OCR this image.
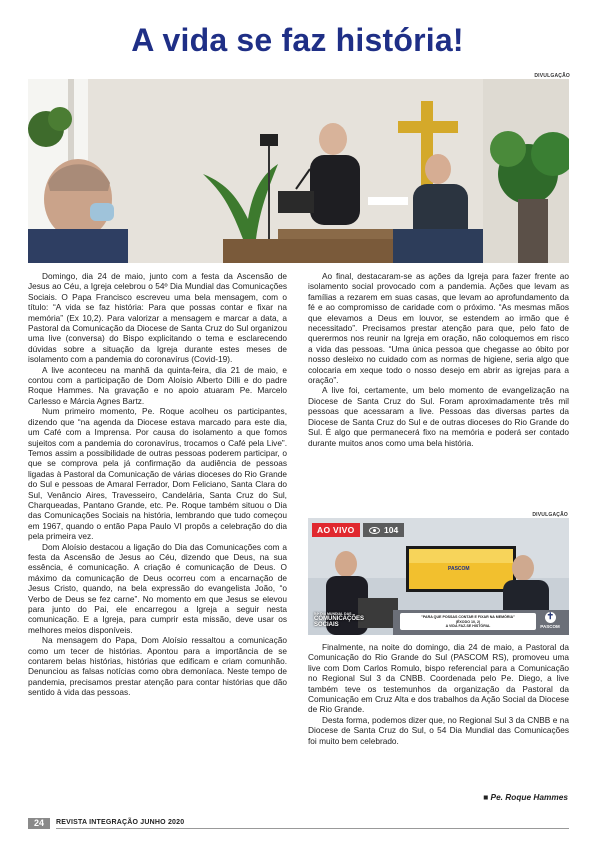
A vida se faz história!
DIVULGAÇÃO

Domingo, dia 24 de maio, junto com a festa da Ascensão de Jesus ao Céu, a Igreja celebrou o 54º Dia Mundial das Comunicações Sociais. O Papa Francisco escreveu uma bela mensagem, com o título: “A vida se faz história: Para que possas contar e fixar na memória” (Ex 10,2). Para valorizar a mensagem e marcar a data, a Pastoral da Comunicação da Diocese de Santa Cruz do Sul organizou uma live (conversa) do Bispo explicitando o tema e esclarecendo dúvidas sobre a situação da Igreja durante estes meses de isolamento com a pandemia do coronavírus (Covid-19).

A live aconteceu na manhã da quinta-feira, dia 21 de maio, e contou com a participação de Dom Aloísio Alberto Dilli e do padre Roque Hammes. Na gravação e no apoio atuaram Pe. Marcelo Carlesso e Márcia Agnes Bartz.

Num primeiro momento, Pe. Roque acolheu os participantes, dizendo que “na agenda da Diocese estava marcado para este dia, um Café com a Imprensa. Por causa do isolamento a que fomos sujeitos com a pandemia do coronavírus, trocamos o Café pela Live”. Temos assim a possibilidade de outras pessoas poderem participar, o que se comprova pela já confirmação da audiência de pessoas ligadas à Pastoral da Comunicação de várias dioceses do Rio Grande do Sul e pessoas de Amaral Ferrador, Dom Feliciano, Santa Clara do Sul, Venâncio Aires, Travesseiro, Candelária, Santa Cruz do Sul, Charqueadas, Pantano Grande, etc. Pe. Roque também situou o Dia das Comunicações Sociais na história, lembrando que tudo começou em 1967, quando o então Papa Paulo VI propôs a celebração do dia pela primeira vez.

Dom Aloísio destacou a ligação do Dia das Comunicações com a festa da Ascensão de Jesus ao Céu, dizendo que Deus, na sua essência, é comunicação. A criação é comunicação de Deus. O máximo da comunicação de Deus ocorreu com a encarnação de Jesus Cristo, quando, na bela expressão do evangelista João, “o Verbo de Deus se fez carne”. No momento em que Jesus se elevou para junto do Pai, ele encarregou a Igreja a seguir nesta comunicação. E a Igreja, para cumprir esta missão, deve usar os melhores meios disponíveis.

Na mensagem do Papa, Dom Aloísio ressaltou a comunicação como um tecer de histórias. Apontou para a importância de se contarem belas histórias, histórias que edificam e criam comunhão. Denunciou as falsas notícias como obra demoníaca. Neste tempo de pandemia, precisamos prestar atenção para contar histórias que dão sentido à vida das pessoas.

Ao final, destacaram-se as ações da Igreja para fazer frente ao isolamento social provocado com a pandemia. Ações que levam as famílias a rezarem em suas casas, que levam ao aprofundamento da fé e ao compromisso de caridade com o próximo. “As mesmas mãos que elevamos a Deus em louvor, se estendem ao irmão que é necessitado”. Precisamos prestar atenção para que, pelo fato de querermos nos reunir na Igreja em oração, não coloquemos em risco a vida das pessoas. “Uma única pessoa que chegasse ao óbito por nosso desleixo no cuidado com as normas de higiene, seria algo que colocaria em xeque todo o nosso desejo em abrir as igrejas para a oração”.

A live foi, certamente, um belo momento de evangelização na Diocese de Santa Cruz do Sul. Foram aproximadamente três mil pessoas que acessaram a live. Pessoas das diversas partes da Diocese de Santa Cruz do Sul e de outras dioceses do Rio Grande do Sul. É algo que permanecerá fixo na memória e poderá ser contado durante muitos anos como uma bela história.

DIVULGAÇÃO
AO VIVO	104
54º DIA MUNDIAL DAS
COMUNICAÇÕES
SOCIAIS
"PARA QUE POSSAS CONTAR E FIXAR NA MEMÓRIA"
(ÊXODO 10, 2)
A VIDA FAZ-SE HISTÓRIA.
PASCOM
✝
PASCOM

Finalmente, na noite do domingo, dia 24 de maio, a Pastoral da Comunicação do Rio Grande do Sul (PASCOM RS), promoveu uma live com Dom Carlos Romulo, bispo referencial para a Comunicação no Regional Sul 3 da CNBB. Coordenada pelo Pe. Diego, a live também teve os testemunhos da organização da Pastoral da Comunicação em Cruz Alta e dos trabalhos da Ação Social da Diocese de Rio Grande.

Desta forma, podemos dizer que, no Regional Sul 3 da CNBB e na Diocese de Santa Cruz do Sul, o 54 Dia Mundial das Comunicações foi muito bem celebrado.

■ Pe. Roque Hammes
24	REVISTA INTEGRAÇÃO JUNHO 2020
